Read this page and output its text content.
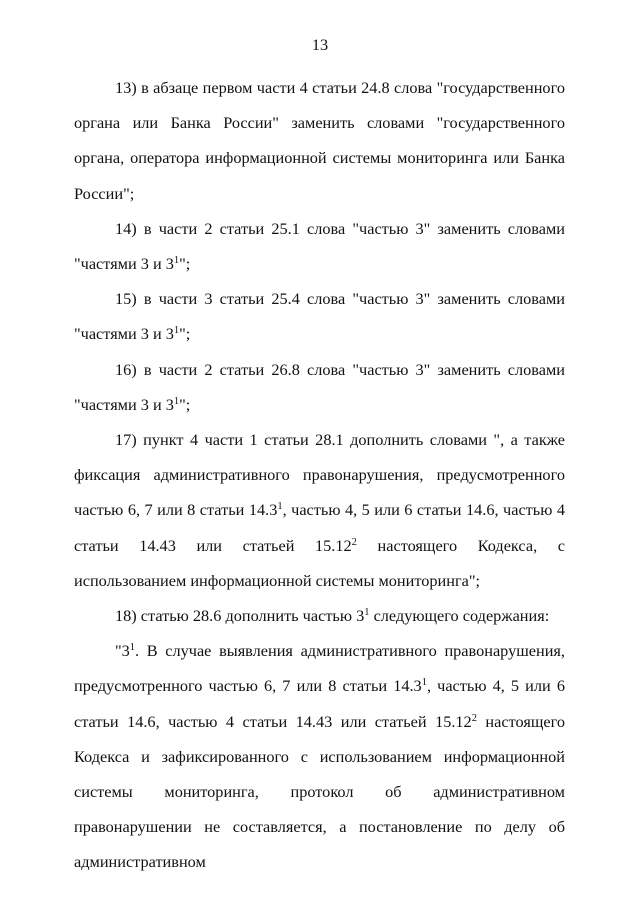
13

13) в абзаце первом части 4 статьи 24.8 слова "государственного органа или Банка России" заменить словами "государственного органа, оператора информационной системы мониторинга или Банка России";

14) в части 2 статьи 25.1 слова "частью 3" заменить словами "частями 3 и $3^1$";

15) в части 3 статьи 25.4 слова "частью 3" заменить словами "частями 3 и $3^1$";

16) в части 2 статьи 26.8 слова "частью 3" заменить словами "частями 3 и $3^1$";

17) пункт 4 части 1 статьи 28.1 дополнить словами ", а также фиксация административного правонарушения, предусмотренного частью 6, 7 или 8 статьи 14.3$^1$, частью 4, 5 или 6 статьи 14.6, частью 4 статьи 14.43 или статьей 15.12$^2$ настоящего Кодекса, с использованием информационной системы мониторинга";

18) статью 28.6 дополнить частью $3^1$ следующего содержания:

"$3^1$. В случае выявления административного правонарушения, предусмотренного частью 6, 7 или 8 статьи 14.3$^1$, частью 4, 5 или 6 статьи 14.6, частью 4 статьи 14.43 или статьей 15.12$^2$ настоящего Кодекса и зафиксированного с использованием информационной системы мониторинга, протокол об административном правонарушении не составляется, а постановление по делу об административном
